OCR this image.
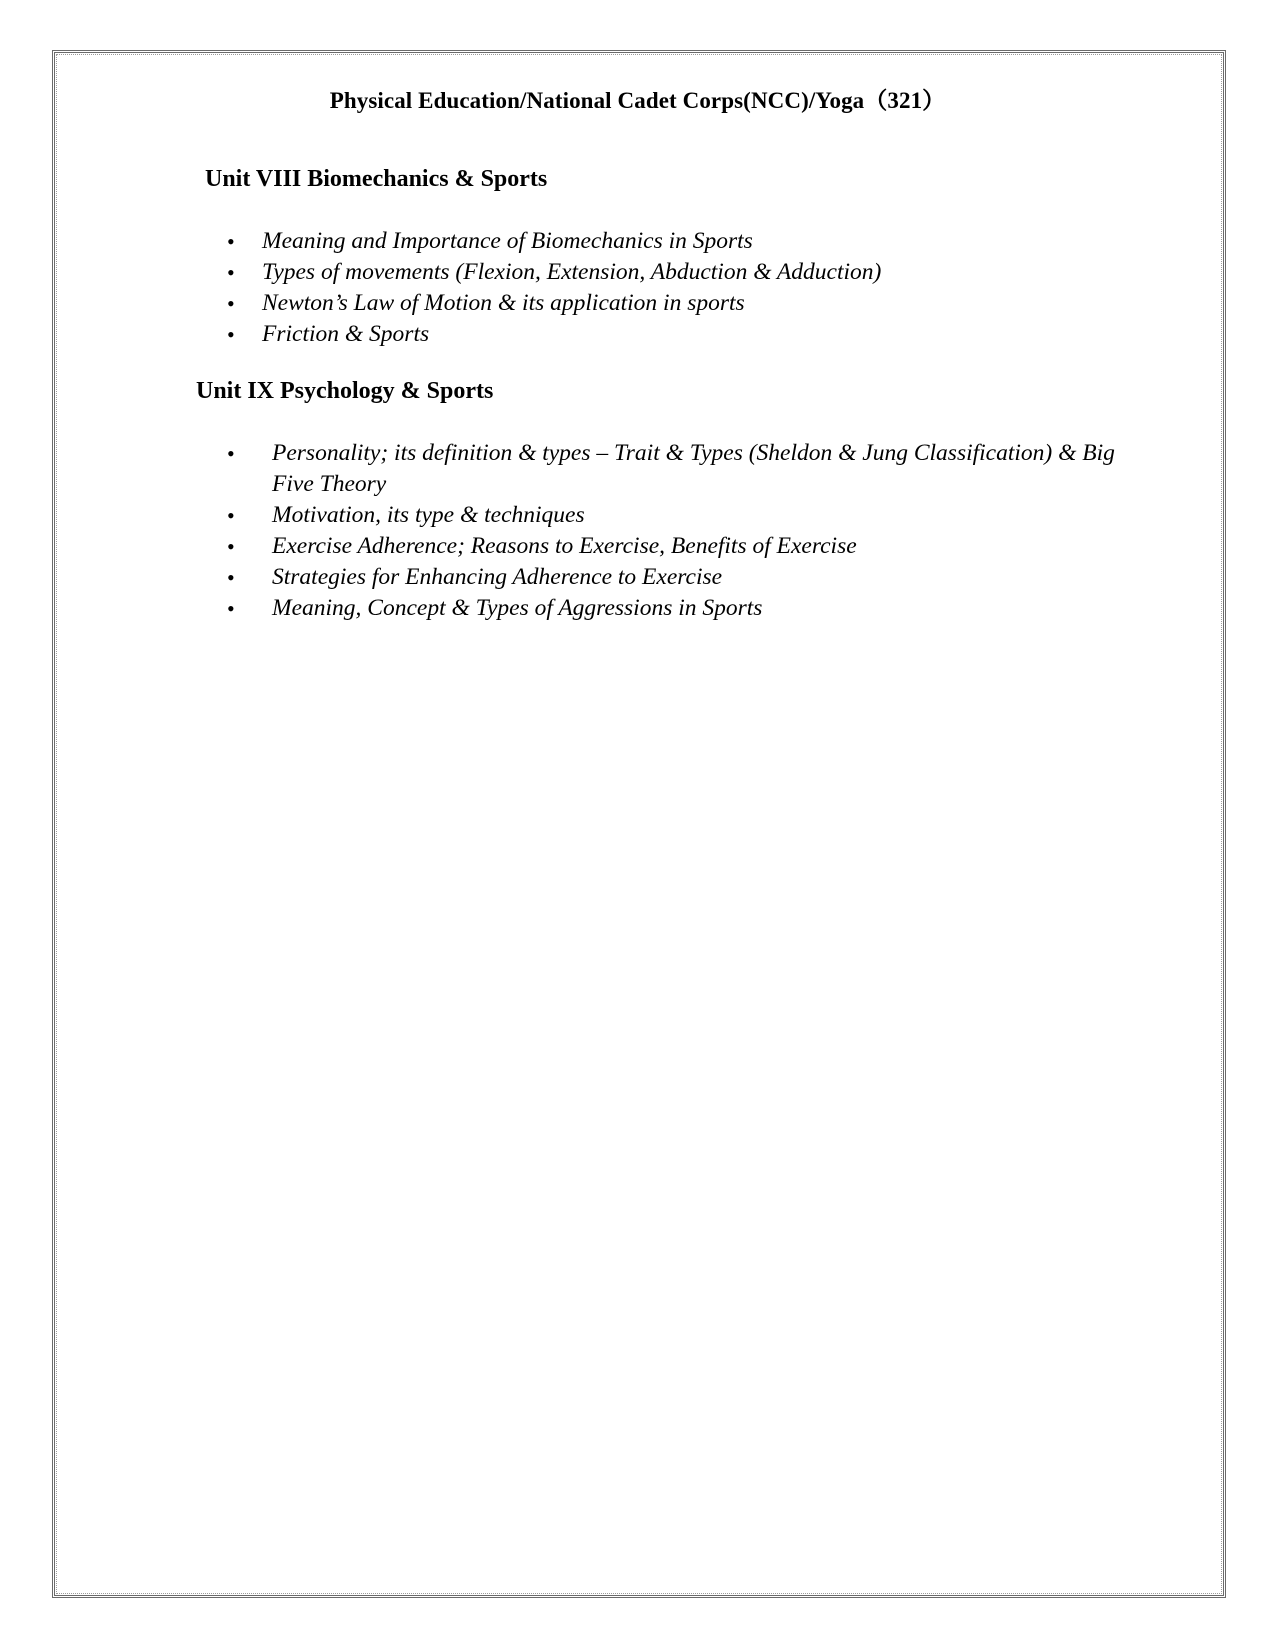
Physical Education/National Cadet Corps(NCC)/Yoga（321）
Unit VIII Biomechanics & Sports
• Meaning and Importance of Biomechanics in Sports
• Types of movements (Flexion, Extension, Abduction & Adduction)
• Newton’s Law of Motion & its application in sports
• Friction & Sports
Unit IX Psychology & Sports
• Personality; its definition & types – Trait & Types (Sheldon & Jung Classification) & Big Five Theory
• Motivation, its type & techniques
• Exercise Adherence; Reasons to Exercise, Benefits of Exercise
• Strategies for Enhancing Adherence to Exercise
• Meaning, Concept & Types of Aggressions in Sports
